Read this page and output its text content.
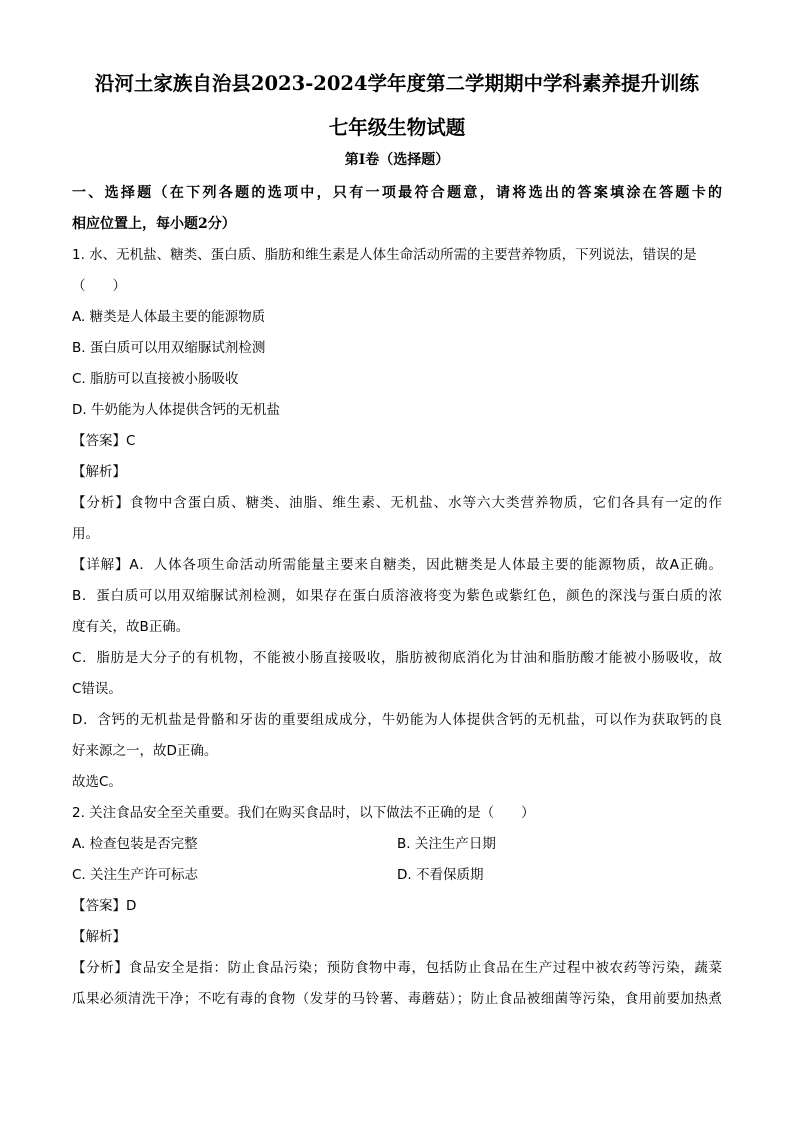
沿河土家族自治县2023-2024学年度第二学期期中学科素养提升训练
七年级生物试题
第Ⅰ卷（选择题）
一、选择题（在下列各题的选项中，只有一项最符合题意，请将选出的答案填涂在答题卡的
相应位置上，每小题2分）
1. 水、无机盐、糖类、蛋白质、脂肪和维生素是人体生命活动所需的主要营养物质，下列说法，错误的是
（　　）
A. 糖类是人体最主要的能源物质
B. 蛋白质可以用双缩脲试剂检测
C. 脂肪可以直接被小肠吸收
D. 牛奶能为人体提供含钙的无机盐
【答案】C
【解析】
【分析】食物中含蛋白质、糖类、油脂、维生素、无机盐、水等六大类营养物质，它们各具有一定的作
用。
【详解】A．人体各项生命活动所需能量主要来自糖类，因此糖类是人体最主要的能源物质，故A正确。
B．蛋白质可以用双缩脲试剂检测，如果存在蛋白质溶液将变为紫色或紫红色，颜色的深浅与蛋白质的浓
度有关，故B正确。
C．脂肪是大分子的有机物，不能被小肠直接吸收，脂肪被彻底消化为甘油和脂肪酸才能被小肠吸收，故
C错误。
D．含钙的无机盐是骨骼和牙齿的重要组成成分，牛奶能为人体提供含钙的无机盐，可以作为获取钙的良
好来源之一，故D正确。
故选C。
2. 关注食品安全至关重要。我们在购买食品时，以下做法不正确的是（　　）
A. 检查包装是否完整	B. 关注生产日期
C. 关注生产许可标志	D. 不看保质期
【答案】D
【解析】
【分析】食品安全是指：防止食品污染；预防食物中毒，包括防止食品在生产过程中被农药等污染，蔬菜
瓜果必须清洗干净；不吃有毒的食物（发芽的马铃薯、毒蘑菇）；防止食品被细菌等污染，食用前要加热煮
